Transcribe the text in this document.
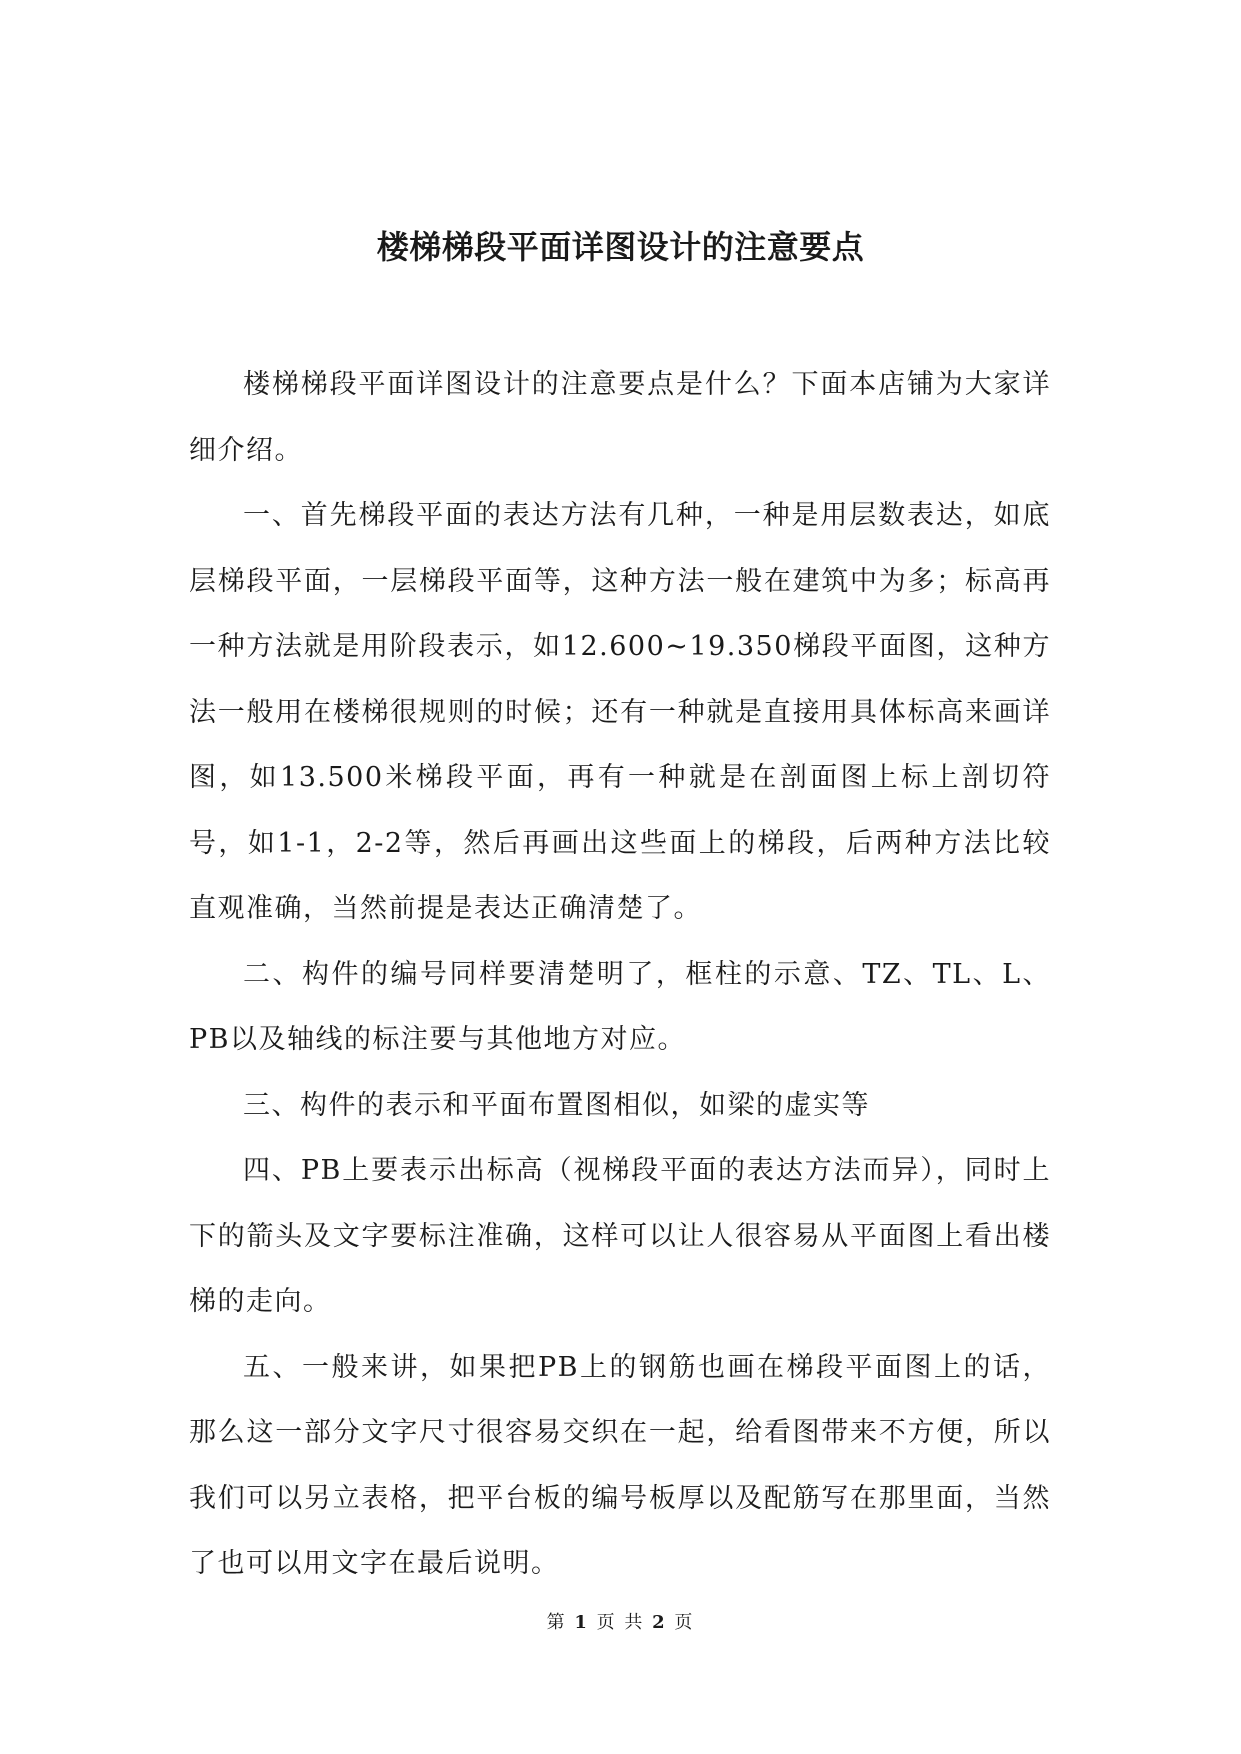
楼梯梯段平面详图设计的注意要点

楼梯梯段平面详图设计的注意要点是什么？下面本店铺为大家详细介绍。

一、首先梯段平面的表达方法有几种，一种是用层数表达，如底层梯段平面，一层梯段平面等，这种方法一般在建筑中为多；标高再一种方法就是用阶段表示，如12.600~19.350梯段平面图，这种方法一般用在楼梯很规则的时候；还有一种就是直接用具体标高来画详图，如13.500米梯段平面，再有一种就是在剖面图上标上剖切符号，如1-1，2-2等，然后再画出这些面上的梯段，后两种方法比较直观准确，当然前提是表达正确清楚了。

二、构件的编号同样要清楚明了，框柱的示意、TZ、TL、L、PB以及轴线的标注要与其他地方对应。

三、构件的表示和平面布置图相似，如梁的虚实等

四、PB上要表示出标高（视梯段平面的表达方法而异），同时上下的箭头及文字要标注准确，这样可以让人很容易从平面图上看出楼梯的走向。

五、一般来讲，如果把PB上的钢筋也画在梯段平面图上的话，那么这一部分文字尺寸很容易交织在一起，给看图带来不方便，所以我们可以另立表格，把平台板的编号板厚以及配筋写在那里面，当然了也可以用文字在最后说明。

第 1 页 共 2 页
